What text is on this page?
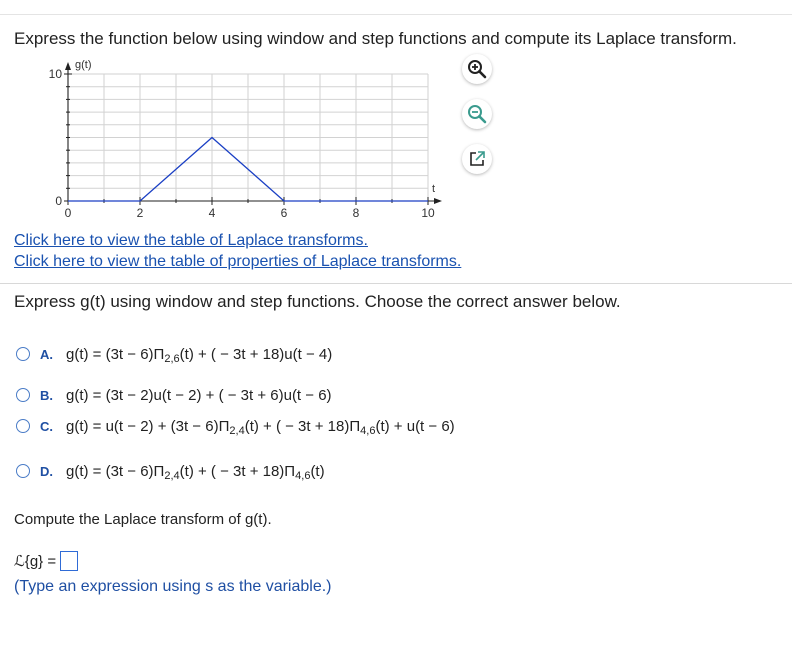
Express the function below using window and step functions and compute its Laplace transform.
0	2	4	6	8	10
10
0
g(t)
t
Click here to view the table of Laplace transforms.
Click here to view the table of properties of Laplace transforms.
Express g(t) using window and step functions. Choose the correct answer below.
A. $g(t) = (3t - 6)\Pi_{2,6}(t)$ + ( − 3t + 18)u(t − 4)
B. g(t) = (3t − 2)u(t − 2) + ( − 3t + 6)u(t − 6)
C. $g(t) = u(t - 2) + (3t - 6)\Pi_{2,4}(t)$ + ( − $3t + 18)\Pi_{4,6}(t) + u(t - 6)$
D. $g(t) = (3t - 6)\Pi_{2,4}(t)$ + ( − $3t + 18)\Pi_{4,6}(t)$
Compute the Laplace transform of g(t).
ℒ{g} =
(Type an expression using s as the variable.)
